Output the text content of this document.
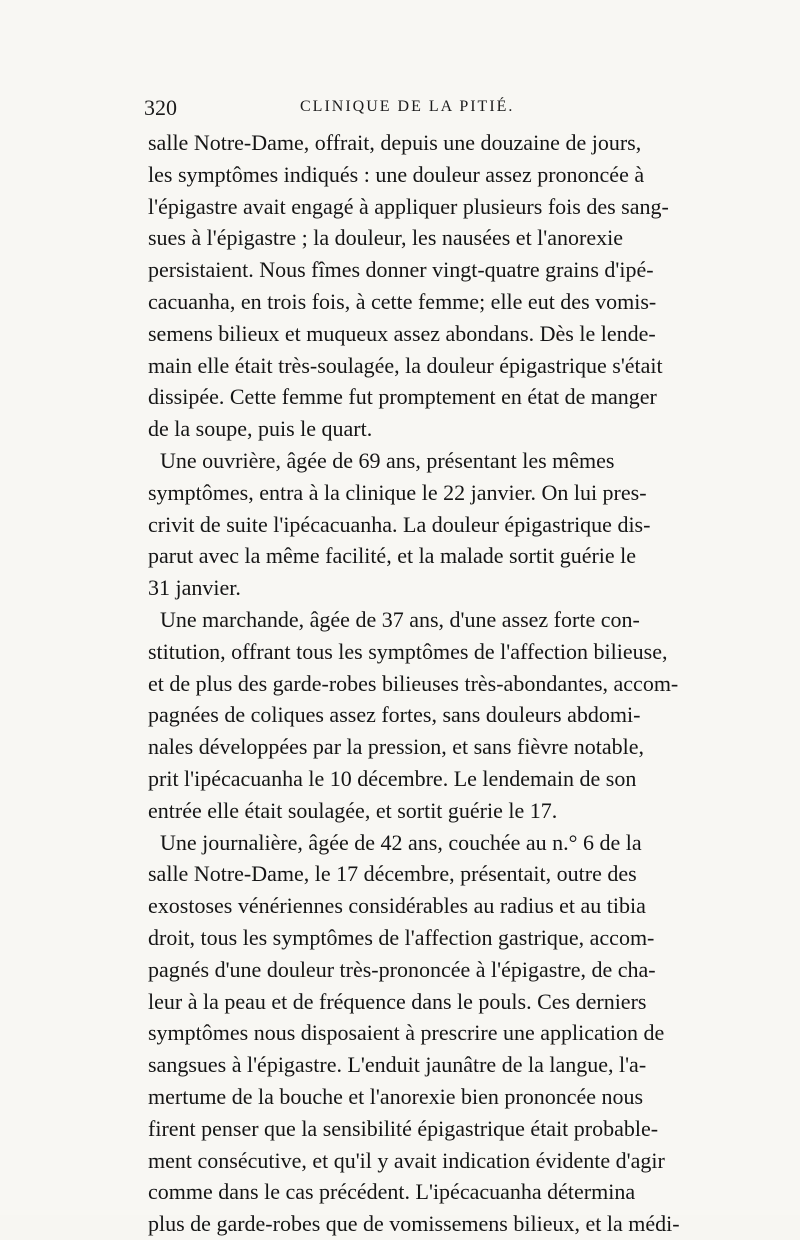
320	CLINIQUE DE LA PITIÉ.
salle Notre-Dame, offrait, depuis une douzaine de jours,
les symptômes indiqués : une douleur assez prononcée à
l'épigastre avait engagé à appliquer plusieurs fois des sang-
sues à l'épigastre ; la douleur, les nausées et l'anorexie
persistaient. Nous fîmes donner vingt-quatre grains d'ipé-
cacuanha, en trois fois, à cette femme; elle eut des vomis-
semens bilieux et muqueux assez abondans. Dès le lende-
main elle était très-soulagée, la douleur épigastrique s'était
dissipée. Cette femme fut promptement en état de manger
de la soupe, puis le quart.
Une ouvrière, âgée de 69 ans, présentant les mêmes
symptômes, entra à la clinique le 22 janvier. On lui pres-
crivit de suite l'ipécacuanha. La douleur épigastrique dis-
parut avec la même facilité, et la malade sortit guérie le
31 janvier.
Une marchande, âgée de 37 ans, d'une assez forte con-
stitution, offrant tous les symptômes de l'affection bilieuse,
et de plus des garde-robes bilieuses très-abondantes, accom-
pagnées de coliques assez fortes, sans douleurs abdomi-
nales développées par la pression, et sans fièvre notable,
prit l'ipécacuanha le 10 décembre. Le lendemain de son
entrée elle était soulagée, et sortit guérie le 17.
Une journalière, âgée de 42 ans, couchée au n.° 6 de la
salle Notre-Dame, le 17 décembre, présentait, outre des
exostoses vénériennes considérables au radius et au tibia
droit, tous les symptômes de l'affection gastrique, accom-
pagnés d'une douleur très-prononcée à l'épigastre, de cha-
leur à la peau et de fréquence dans le pouls. Ces derniers
symptômes nous disposaient à prescrire une application de
sangsues à l'épigastre. L'enduit jaunâtre de la langue, l'a-
mertume de la bouche et l'anorexie bien prononcée nous
firent penser que la sensibilité épigastrique était probable-
ment consécutive, et qu'il y avait indication évidente d'agir
comme dans le cas précédent. L'ipécacuanha détermina
plus de garde-robes que de vomissemens bilieux, et la médi-
